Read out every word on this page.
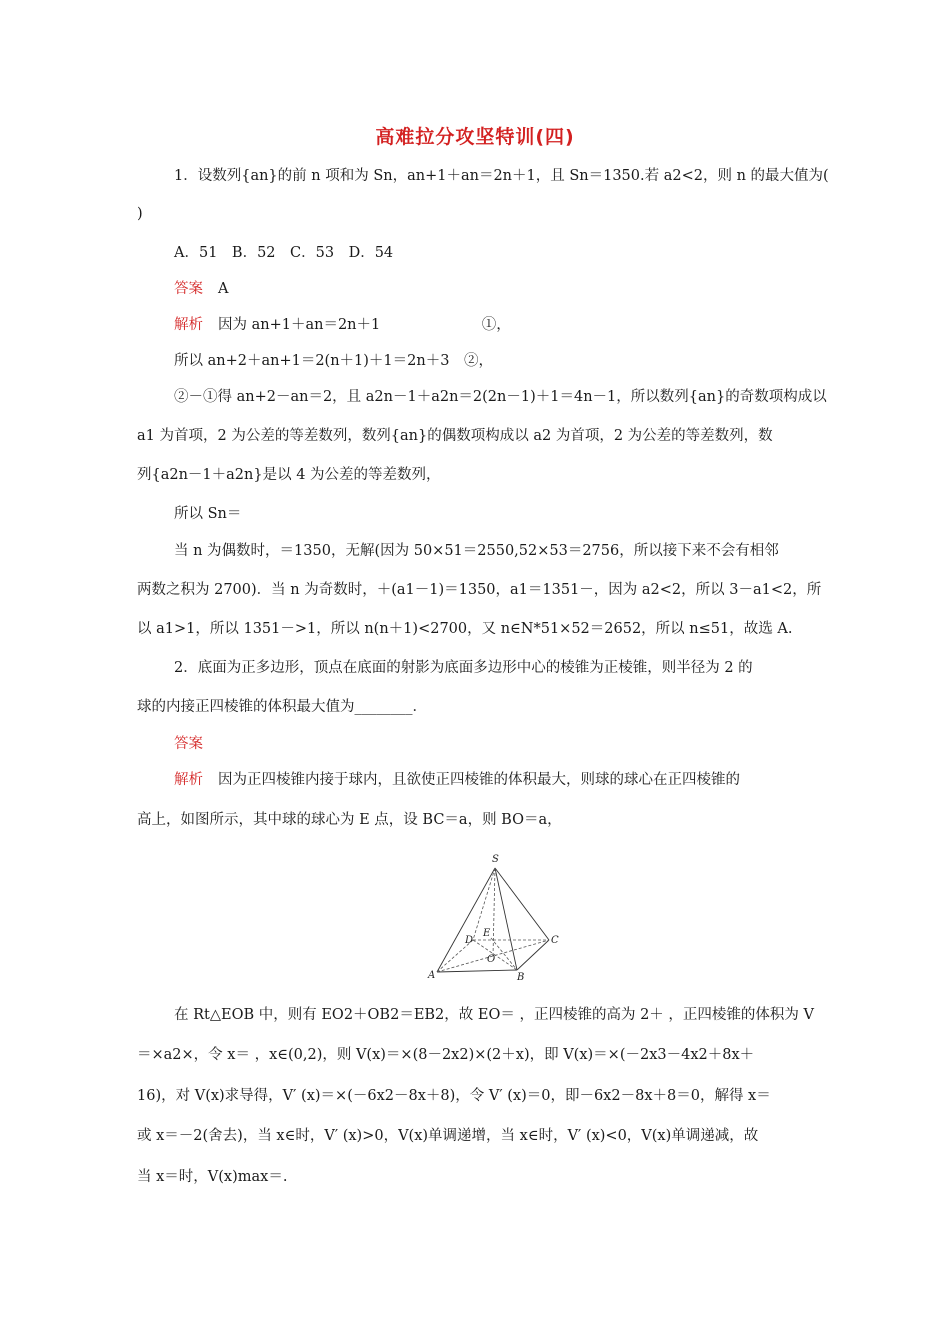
高难拉分攻坚特训(四)
1．设数列{an}的前 n 项和为 Sn，an+1＋an＝2n＋1，且 Sn＝1350.若 a2<2，则 n 的最大值为(
)
A．51　B．52　C．53　D．54
答案 A
解析 因为 an+1＋an＝2n＋1　　　　　　　①，
所以 an+2＋an+1＝2(n＋1)＋1＝2n＋3　②，
②－①得 an+2－an＝2，且 a2n－1＋a2n＝2(2n－1)＋1＝4n－1，所以数列{an}的奇数项构成以
a1 为首项，2 为公差的等差数列，数列{an}的偶数项构成以 a2 为首项，2 为公差的等差数列，数
列{a2n－1＋a2n}是以 4 为公差的等差数列，
所以 Sn＝
当 n 为偶数时，＝1350，无解(因为 50×51＝2550,52×53＝2756，所以接下来不会有相邻
两数之积为 2700)．当 n 为奇数时，＋(a1－1)＝1350，a1＝1351－，因为 a2<2，所以 3－a1<2，所
以 a1>1，所以 1351－>1，所以 n(n＋1)<2700，又 n∈N*51×52＝2652，所以 n≤51，故选 A.
2．底面为正多边形，顶点在底面的射影为底面多边形中心的棱锥为正棱锥，则半径为 2 的
球的内接正四棱锥的体积最大值为________．
答案
解析 因为正四棱锥内接于球内，且欲使正四棱锥的体积最大，则球的球心在正四棱锥的
高上，如图所示，其中球的球心为 E 点，设 BC＝a，则 BO＝a，
在 Rt△EOB 中，则有 EO2＋OB2＝EB2，故 EO＝ ，正四棱锥的高为 2＋ ，正四棱锥的体积为 V
＝×a2×，令 x＝ ，x∈(0,2)，则 V(x)＝×(8－2x2)×(2＋x)，即 V(x)＝×(－2x3－4x2＋8x＋
16)，对 V(x)求导得，V′ (x)＝×(－6x2－8x＋8)，令 V′ (x)＝0，即－6x2－8x＋8＝0，解得 x＝
或 x＝－2(舍去)，当 x∈时，V′ (x)>0，V(x)单调递增，当 x∈时，V′ (x)<0，V(x)单调递减，故
当 x＝时，V(x)max＝.
S
D
E
C
O
A	B
